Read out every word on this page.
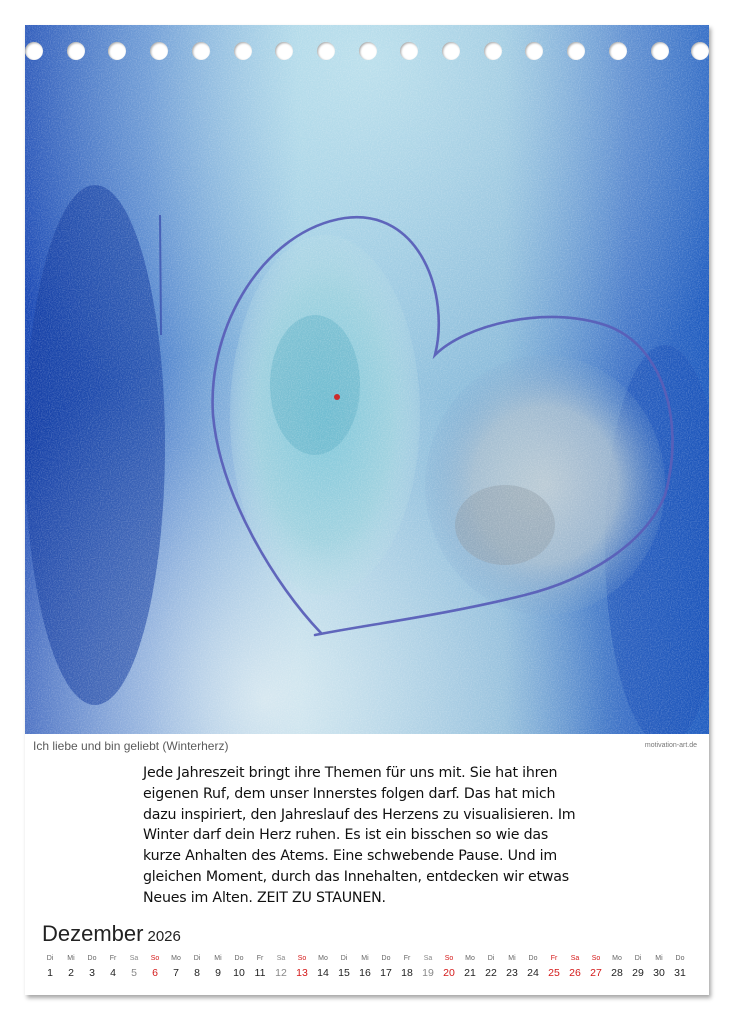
Ich liebe und bin geliebt (Winterherz)	motivation-art.de
Jede Jahreszeit bringt ihre Themen für uns mit. Sie hat ihren
eigenen Ruf, dem unser Innerstes folgen darf. Das hat mich
dazu inspiriert, den Jahreslauf des Herzens zu visualisieren. Im
Winter darf dein Herz ruhen. Es ist ein bisschen so wie das
kurze Anhalten des Atems. Eine schwebende Pause. Und im
gleichen Moment, durch das Innehalten, entdecken wir etwas
Neues im Alten. ZEIT ZU STAUNEN.
Dezember 2026
Di
1
Mi
2
Do
3
Fr
4
Sa
5
So
6
Mo
7
Di
8
Mi
9
Do
10
Fr
11
Sa
12
So
13
Mo
14
Di
15
Mi
16
Do
17
Fr
18
Sa
19
So
20
Mo
21
Di
22
Mi
23
Do
24
Fr
25
Sa
26
So
27
Mo
28
Di
29
Mi
30
Do
31
